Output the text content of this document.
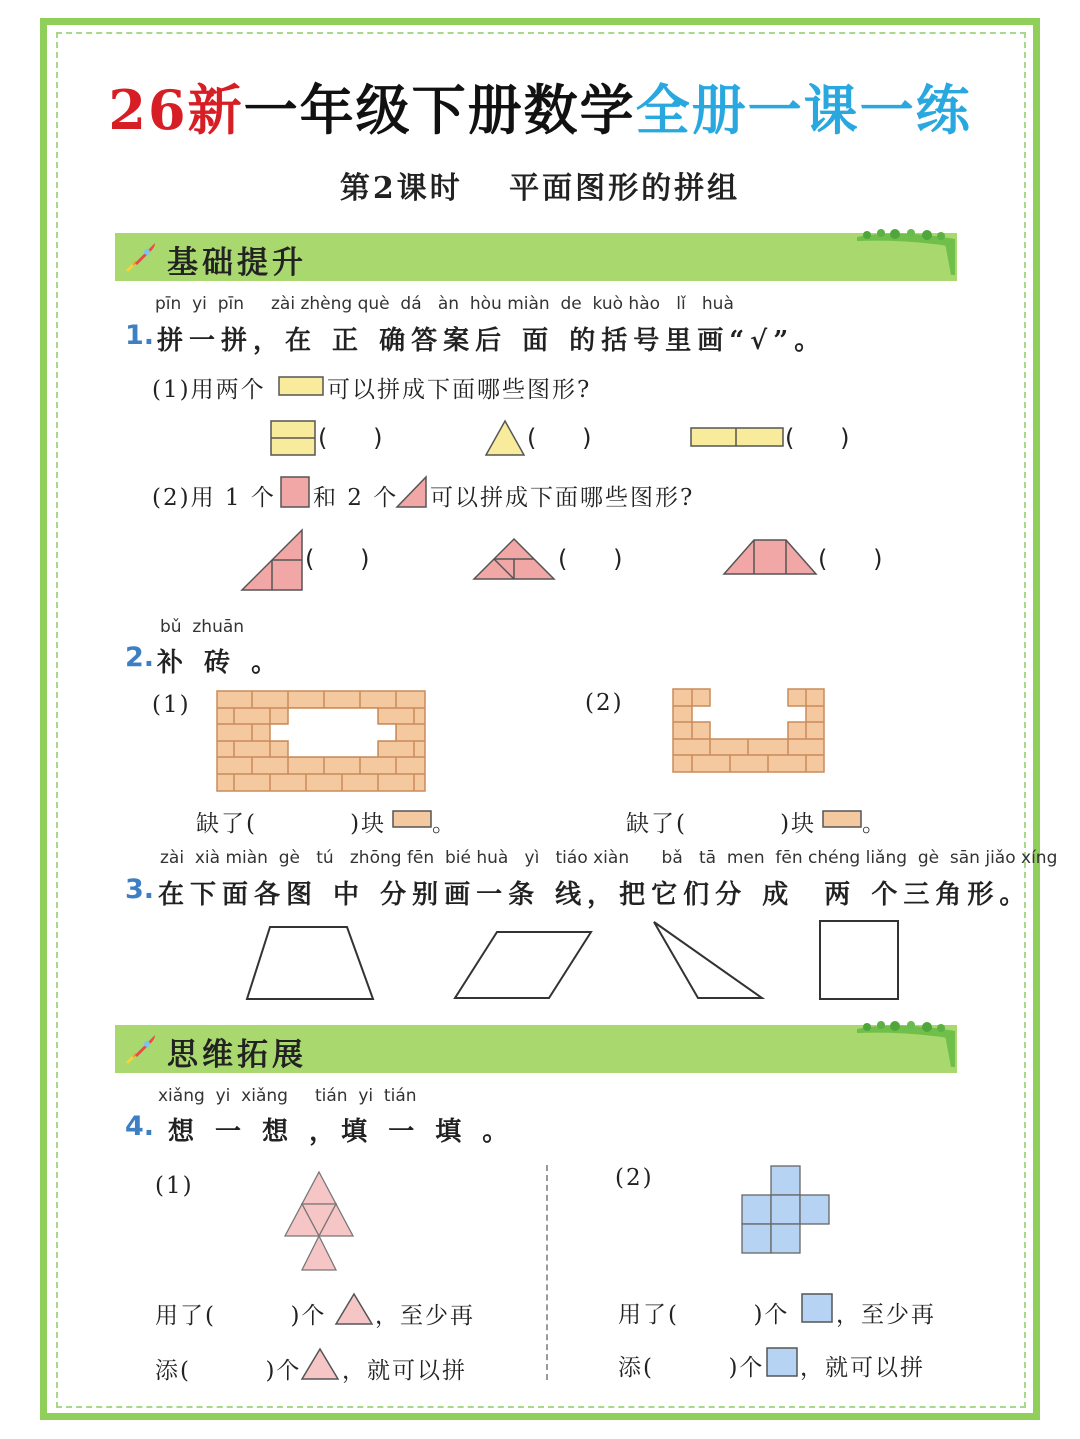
26新一年级下册数学全册一课一练
第2课时　 平面图形的拼组
基础提升
pīn  yi  pīn     zài zhèng què  dá   àn  hòu miàn  de  kuò hào   lǐ   huà
1. 拼一拼，在 正 确答案后 面 的括号里画“√”。
(1)用两个	可以拼成下面哪些图形?
(      )	(      )	(      )
(2)用 1 个 和 2 个 可以拼成下面哪些图形?
(      )	(      )	(      )
bǔ  zhuān
2. 补 砖 。
(1)	(2)
缺了(          )块 。	缺了(          )块 。
zài  xià miàn  gè   tú   zhōng fēn  bié huà   yì   tiáo xiàn      bǎ   tā  men  fēn chéng liǎng  gè  sān jiǎo xíng
3. 在下面各图 中 分别画一条 线，把它们分 成  两 个三角形。
思维拓展
xiǎng  yi  xiǎng     tián  yi  tián
4. 想 一 想 ，填 一 填 。
(1)
用了(        )个 ，至少再
添(        )个 ，就可以拼
(2)
用了(        )个 ，至少再
添(        )个 ，就可以拼
